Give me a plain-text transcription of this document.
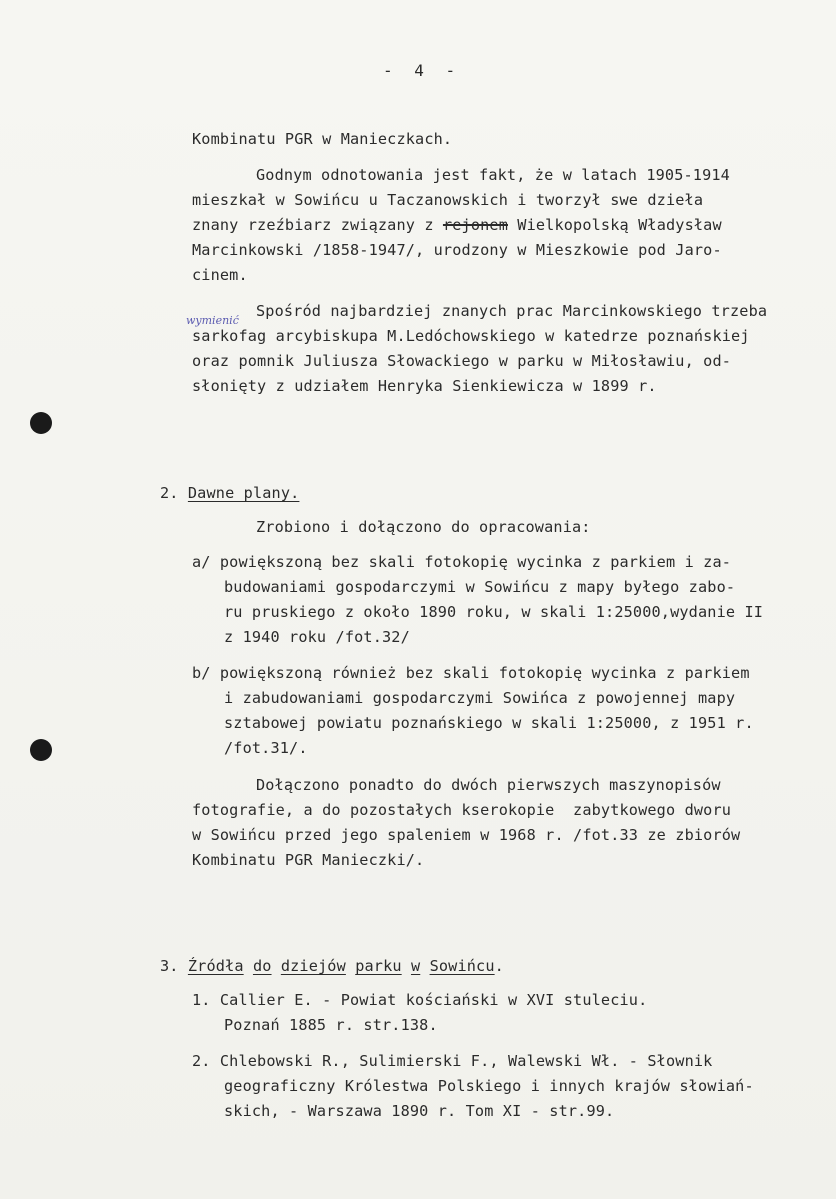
- 4 -
Kombinatu PGR w Manieczkach.
Godnym odnotowania jest fakt, że w latach 1905-1914
mieszkał w Sowińcu u Taczanowskich i tworzył swe dzieła
znany rzeźbiarz związany z rejonem Wielkopolską Władysław
Marcinkowski /1858-1947/, urodzony w Mieszkowie pod Jaro-
cinem.
Spośród najbardziej znanych prac Marcinkowskiego trzeba
wymienić
sarkofag arcybiskupa M.Ledóchowskiego w katedrze poznańskiej
oraz pomnik Juliusza Słowackiego w parku w Miłosławiu, od-
słonięty z udziałem Henryka Sienkiewicza w 1899 r.
2. Dawne plany.
Zrobiono i dołączono do opracowania:
a/ powiększoną bez skali fotokopię wycinka z parkiem i za-
budowaniami gospodarczymi w Sowińcu z mapy byłego zabo-
ru pruskiego z około 1890 roku, w skali 1:25000,wydanie II
z 1940 roku /fot.32/
b/ powiększoną również bez skali fotokopię wycinka z parkiem
i zabudowaniami gospodarczymi Sowińca z powojennej mapy
sztabowej powiatu poznańskiego w skali 1:25000, z 1951 r.
/fot.31/.
Dołączono ponadto do dwóch pierwszych maszynopisów
fotografie, a do pozostałych kserokopie  zabytkowego dworu
w Sowińcu przed jego spaleniem w 1968 r. /fot.33 ze zbiorów
Kombinatu PGR Manieczki/.
3. Źródła do dziejów parku w Sowińcu.
1. Callier E. - Powiat kościański w XVI stuleciu.
Poznań 1885 r. str.138.
2. Chlebowski R., Sulimierski F., Walewski Wł. - Słownik
geograficzny Królestwa Polskiego i innych krajów słowiań-
skich, - Warszawa 1890 r. Tom XI - str.99.
